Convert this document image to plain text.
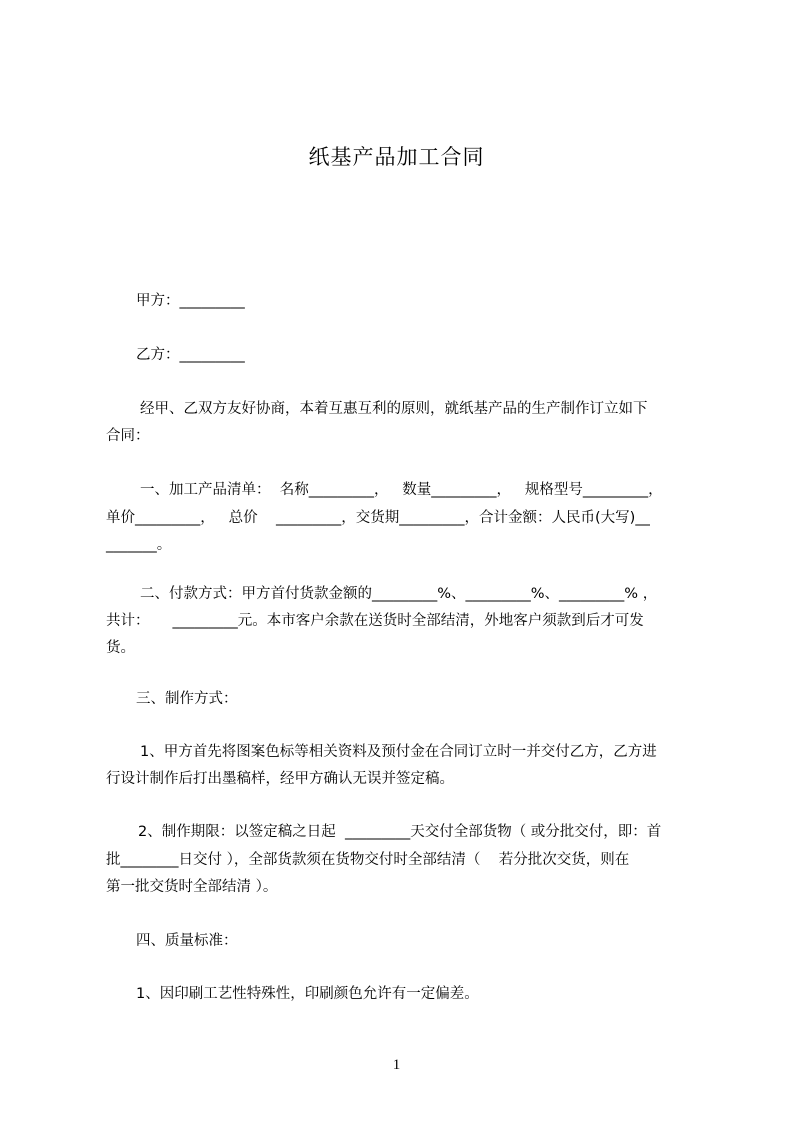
纸基产品加工合同
甲方：_________
乙方：_________
经甲、乙双方友好协商，本着互惠互利的原则，就纸基产品的生产制作订立如下
合同：
一、加工产品清单：  名称_________，   数量_________，   规格型号_________，
单价_________，   总价    _________，交货期_________，合计金额：人民币(大写)__
_______。
二、付款方式：甲方首付货款金额的_________%、_________%、_________% ，
共计：     _________元。本市客户余款在送货时全部结清，外地客户须款到后才可发
货。
三、制作方式：
1、甲方首先将图案色标等相关资料及预付金在合同订立时一并交付乙方，乙方进
行设计制作后打出墨稿样，经甲方确认无误并签定稿。
2、制作期限：以签定稿之日起  _________天交付全部货物（ 或分批交付，即：首
批________日交付 ），全部货款须在货物交付时全部结清（    若分批次交货，则在
第一批交货时全部结清 ）。
四、质量标准：
1、因印刷工艺性特殊性，印刷颜色允许有一定偏差。
1
